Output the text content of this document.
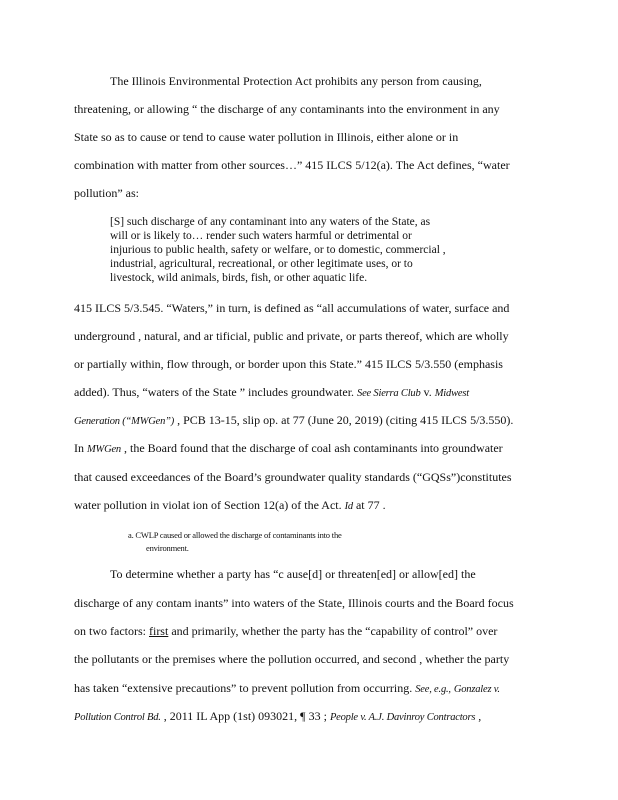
The Illinois Environmental Protection Act prohibits any person from causing,
threatening, or allowing “ the discharge of any contaminants into the environment in any
State so as to cause or tend to cause water pollution in Illinois, either alone or in
combination with matter from other sources…” 415 ILCS 5/12(a). The Act defines, “water
pollution” as:
[S] such discharge of any contaminant into any waters of the State, as
will or is likely to… render such waters harmful or detrimental or
injurious to public health, safety or welfare, or to domestic, commercial ,
industrial, agricultural, recreational, or other legitimate uses, or to
livestock, wild animals, birds, fish, or other aquatic life.
415 ILCS 5/3.545. “Waters,” in turn, is defined as “all accumulations of water, surface and
underground , natural, and ar tificial, public and private, or parts thereof, which are wholly
or partially within, flow through, or border upon this State.” 415 ILCS 5/3.550 (emphasis
added). Thus, “waters of the State ” includes groundwater. See Sierra Club v. Midwest
Generation (“MWGen”) , PCB 13-15, slip op. at 77 (June 20, 2019) (citing 415 ILCS 5/3.550).
In MWGen , the Board found that the discharge of coal ash contaminants into groundwater
that caused exceedances of the Board’s groundwater quality standards (“GQSs”)constitutes
water pollution in violat ion of Section 12(a) of the Act. Id at 77 .
a. CWLP caused or allowed the discharge of contaminants into the
environment.
To determine whether a party has “c ause[d] or threaten[ed] or allow[ed] the
discharge of any contam inants” into waters of the State, Illinois courts and the Board focus
on two factors: first and primarily, whether the party has the “capability of control” over
the pollutants or the premises where the pollution occurred, and second , whether the party
has taken “extensive precautions” to prevent pollution from occurring. See, e.g., Gonzalez v.
Pollution Control Bd. , 2011 IL App (1st) 093021, ¶ 33 ; People v. A.J. Davinroy Contractors ,
